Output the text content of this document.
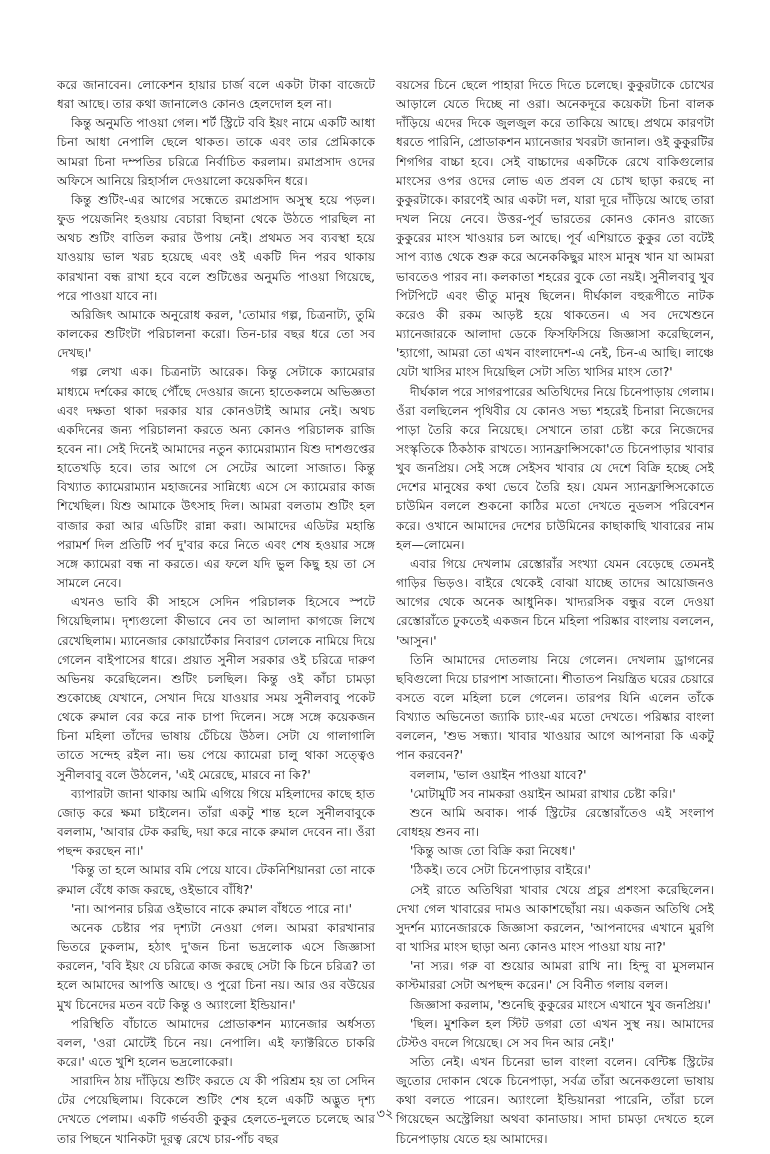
করে জানাবেন। লোকেশন হায়ার চার্জ বলে একটা টাকা বাজেটে ধরা আছে। তার কথা জানালেও কোনও হেলদোল হল না।

কিন্তু অনুমতি পাওয়া গেল। শর্ট স্ট্রিটে ববি ইয়ং নামে একটি আধা চিনা আধা নেপালি ছেলে থাকত। তাকে এবং তার প্রেমিকাকে আমরা চিনা দম্পতির চরিত্রে নির্বাচিত করলাম। রমাপ্রসাদ ওদের অফিসে আনিয়ে রিহার্সাল দেওয়ালো কয়েকদিন ধরে।

কিন্তু শুটিং-এর আগের সন্ধেতে রমাপ্রসাদ অসুস্থ হয়ে পড়ল। ফুড পয়েজনিং হওয়ায় বেচারা বিছানা থেকে উঠতে পারছিল না অথচ শুটিং বাতিল করার উপায় নেই। প্রথমত সব ব্যবস্থা হয়ে যাওয়ায় ভাল খরচ হয়েছে এবং ওই একটি দিন পরব থাকায় কারখানা বন্ধ রাখা হবে বলে শুটিঙের অনুমতি পাওয়া গিয়েছে, পরে পাওয়া যাবে না।

অরিজিৎ আমাকে অনুরোধ করল, 'তোমার গল্প, চিত্রনাট্য, তুমি কালকের শুটিংটা পরিচালনা করো। তিন-চার বছর ধরে তো সব দেখছ।'

গল্প লেখা এক। চিত্রনাট্য আরেক। কিন্তু সেটাকে ক্যামেরার মাধ্যমে দর্শকের কাছে পৌঁছে দেওয়ার জন্যে হাতেকলমে অভিজ্ঞতা এবং দক্ষতা থাকা দরকার যার কোনওটাই আমার নেই। অথচ একদিনের জন্য পরিচালনা করতে অন্য কোনও পরিচালক রাজি হবেন না। সেই দিনেই আমাদের নতুন ক্যামেরাম্যান যিশু দাশগুপ্তের হাতেখড়ি হবে। তার আগে সে সেটের আলো সাজাত। কিন্তু বিখ্যাত ক্যামেরাম্যান মহাজনের সান্নিধ্যে এসে সে ক্যামেরার কাজ শিখেছিল। যিশু আমাকে উৎসাহ দিল। আমরা বলতাম শুটিং হল বাজার করা আর এডিটিং রান্না করা। আমাদের এডিটর মহান্তি পরামর্শ দিল প্রতিটি পর্ব দু'বার করে নিতে এবং শেষ হওয়ার সঙ্গে সঙ্গে ক্যামেরা বন্ধ না করতে। এর ফলে যদি ভুল কিছু হয় তা সে সামলে নেবে।

এখনও ভাবি কী সাহসে সেদিন পরিচালক হিসেবে স্পটে গিয়েছিলাম। দৃশ্যগুলো কীভাবে নেব তা আলাদা কাগজে লিখে রেখেছিলাম। ম্যানেজার কোয়ার্টেকার নিবারণ ঢোলকে নামিয়ে দিয়ে গেলেন বাইপাসের ধারে। প্রয়াত সুনীল সরকার ওই চরিত্রে দারুণ অভিনয় করেছিলেন। শুটিং চলছিল। কিন্তু ওই কাঁচা চামড়া শুকোচ্ছে যেখানে, সেখান দিয়ে যাওয়ার সময় সুনীলবাবু পকেট থেকে রুমাল বের করে নাক চাপা দিলেন। সঙ্গে সঙ্গে কয়েকজন চিনা মহিলা তাঁদের ভাষায় চেঁচিয়ে উঠল। সেটা যে গালাগালি তাতে সন্দেহ রইল না। ভয় পেয়ে ক্যামেরা চালু থাকা সত্ত্বেও সুনীলবাবু বলে উঠলেন, 'এই মেরেছে, মারবে না কি?'

ব্যাপারটা জানা থাকায় আমি এগিয়ে গিয়ে মহিলাদের কাছে হাত জোড় করে ক্ষমা চাইলেন। তাঁরা একটু শান্ত হলে সুনীলবাবুকে বললাম, 'আবার টেক করছি, দয়া করে নাকে রুমাল দেবেন না। ওঁরা পছন্দ করছেন না।'

'কিন্তু তা হলে আমার বমি পেয়ে যাবে। টেকনিশিয়ানরা তো নাকে রুমাল বেঁধে কাজ করছে, ওইভাবে বাঁধি?'

'না। আপনার চরিত্র ওইভাবে নাকে রুমাল বাঁধতে পারে না।'

অনেক চেষ্টার পর দৃশ্যটা নেওয়া গেল। আমরা কারখানার ভিতরে ঢুকলাম, হঠাৎ দু'জন চিনা ভদ্রলোক এসে জিজ্ঞাসা করলেন, 'ববি ইয়ং যে চরিত্রে কাজ করছে সেটা কি চিনে চরিত্র? তা হলে আমাদের আপত্তি আছে। ও পুরো চিনা নয়। আর ওর বউয়ের মুখ চিনেদের মতন বটে কিন্তু ও অ্যাংলো ইন্ডিয়ান।'

পরিস্থিতি বাঁচাতে আমাদের প্রোডাকশন ম্যানেজার অর্ধসত্য বলল, 'ওরা মোটেই চিনে নয়। নেপালি। এই ফ্যাক্টরিতে চাকরি করে।' এতে খুশি হলেন ভদ্রলোকেরা।

সারাদিন ঠায় দাঁড়িয়ে শুটিং করতে যে কী পরিশ্রম হয় তা সেদিন টের পেয়েছিলাম। বিকেলে শুটিং শেষ হলে একটি অদ্ভুত দৃশ্য দেখতে পেলাম। একটি গর্ভবতী কুকুর হেলতে-দুলতে চলেছে আর তার পিছনে খানিকটা দূরত্ব রেখে চার-পাঁচ বছর

বয়সের চিনে ছেলে পাহারা দিতে দিতে চলেছে। কুকুরটাকে চোখের আড়ালে যেতে দিচ্ছে না ওরা। অনেকদূরে কয়েকটা চিনা বালক দাঁড়িয়ে এদের দিকে জুলজুল করে তাকিয়ে আছে। প্রথমে কারণটা ধরতে পারিনি, প্রোডাকশন ম্যানেজার খবরটা জানাল। ওই কুকুরটির শিগগির বাচ্চা হবে। সেই বাচ্চাদের একটিকে রেখে বাকিগুলোর মাংসের ওপর ওদের লোভ এত প্রবল যে চোখ ছাড়া করছে না কুকুরটাকে। কারণেই আর একটা দল, যারা দূরে দাঁড়িয়ে আছে তারা দখল নিয়ে নেবে। উত্তর-পূর্ব ভারতের কোনও কোনও রাজ্যে কুকুরের মাংস খাওয়ার চল আছে। পূর্ব এশিয়াতে কুকুর তো বটেই সাপ ব্যাঙ থেকে শুরু করে অনেককিছুর মাংস মানুষ খান যা আমরা ভাবতেও পারব না। কলকাতা শহরের বুকে তো নয়ই। সুনীলবাবু খুব পিটপিটে এবং ভীতু মানুষ ছিলেন। দীর্ঘকাল বহুরূপীতে নাটক করেও কী রকম আড়ষ্ট হয়ে থাকতেন। এ সব দেখেশুনে ম্যানেজারকে আলাদা ডেকে ফিসফিসিয়ে জিজ্ঞাসা করেছিলেন, 'হ্যাগো, আমরা তো এখন বাংলাদেশ-এ নেই, চিন-এ আছি। লাঞ্চে যেটা খাসির মাংস দিয়েছিল সেটা সত্যি খাসির মাংস তো?'

দীর্ঘকাল পরে সাগরপারের অতিথিদের নিয়ে চিনেপাড়ায় গেলাম। ওঁরা বলছিলেন পৃথিবীর যে কোনও সভ্য শহরেই চিনারা নিজেদের পাড়া তৈরি করে নিয়েছে। সেখানে তারা চেষ্টা করে নিজেদের সংস্কৃতিকে ঠিকঠাক রাখতে। স্যানফ্রান্সিসকো'তে চিনেপাড়ার খাবার খুব জনপ্রিয়। সেই সঙ্গে সেইসব খাবার যে দেশে বিক্রি হচ্ছে সেই দেশের মানুষের কথা ভেবে তৈরি হয়। যেমন স্যানফ্রান্সিসকোতে চাউমিন বললে শুকনো কাঠির মতো দেখতে নুডলস পরিবেশন করে। ওখানে আমাদের দেশের চাউমিনের কাছাকাছি খাবারের নাম হল—লোমেন।

এবার গিয়ে দেখলাম রেস্তোরাঁর সংখ্যা যেমন বেড়েছে তেমনই গাড়ির ভিড়ও। বাইরে থেকেই বোঝা যাচ্ছে তাদের আয়োজনও আগের থেকে অনেক আধুনিক। খাদ্যরসিক বন্ধুর বলে দেওয়া রেস্তোরাঁতে ঢুকতেই একজন চিনে মহিলা পরিষ্কার বাংলায় বললেন, 'আসুন।'

তিনি আমাদের দোতলায় নিয়ে গেলেন। দেখলাম ড্রাগনের ছবিগুলো দিয়ে চারপাশ সাজানো। শীতাতপ নিয়ন্ত্রিত ঘরের চেয়ারে বসতে বলে মহিলা চলে গেলেন। তারপর যিনি এলেন তাঁকে বিখ্যাত অভিনেতা জ্যাকি চ্যাং-এর মতো দেখতে। পরিষ্কার বাংলা বললেন, 'শুভ সন্ধ্যা। খাবার খাওয়ার আগে আপনারা কি একটু পান করবেন?'

বললাম, 'ভাল ওয়াইন পাওয়া যাবে?'

'মোটামুটি সব নামকরা ওয়াইন আমরা রাখার চেষ্টা করি।'

শুনে আমি অবাক। পার্ক স্ট্রিটের রেস্তোরাঁতেও এই সংলাপ বোধহয় শুনব না।

'কিন্তু আজ তো বিক্রি করা নিষেধ।'

'ঠিকই। তবে সেটা চিনেপাড়ার বাইরে।'

সেই রাতে অতিথিরা খাবার খেয়ে প্রচুর প্রশংসা করেছিলেন। দেখা গেল খাবারের দামও আকাশছোঁয়া নয়। একজন অতিথি সেই সুদর্শন ম্যানেজারকে জিজ্ঞাসা করলেন, 'আপনাদের এখানে মুরগি বা খাসির মাংস ছাড়া অন্য কোনও মাংস পাওয়া যায় না?'

'না স্যর। গরু বা শুয়োর আমরা রাখি না। হিন্দু বা মুসলমান কাস্টমাররা সেটা অপছন্দ করেন।' সে বিনীত গলায় বলল।

জিজ্ঞাসা করলাম, 'শুনেছি কুকুরের মাংসে এখানে খুব জনপ্রিয়।'

'ছিল। মুশকিল হল স্টিট ডগরা তো এখন সুস্থ নয়। আমাদের টেস্টও বদলে গিয়েছে। সে সব দিন আর নেই।'

সত্যি নেই। এখন চিনেরা ভাল বাংলা বলেন। বেন্টিঙ্ক স্ট্রিটের জুতোর দোকান থেকে চিনেপাড়া, সর্বত্র তাঁরা অনেকগুলো ভাষায় কথা বলতে পারেন। অ্যাংলো ইন্ডিয়ানরা পারেনি, তাঁরা চলে গিয়েছেন অস্ট্রেলিয়া অথবা কানাডায়। সাদা চামড়া দেখতে হলে চিনেপাড়ায় যেতে হয় আমাদের।

৩২
